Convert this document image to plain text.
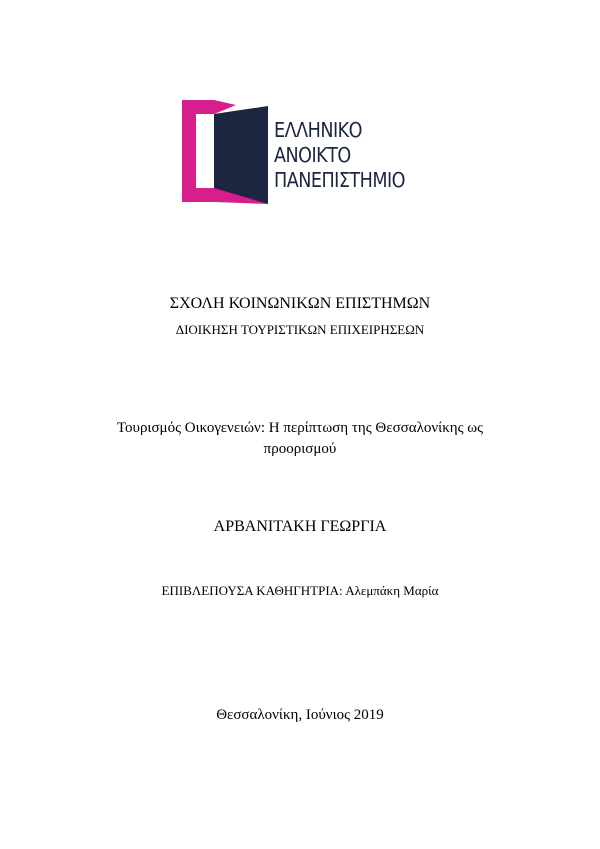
ΕΛΛΗΝΙΚΟ
ΑΝΟΙΚΤΟ
ΠΑΝΕΠΙΣΤΗΜΙΟ
ΣΧΟΛΗ ΚΟΙΝΩΝΙΚΩΝ ΕΠΙΣΤΗΜΩΝ
ΔΙΟΙΚΗΣΗ ΤΟΥΡΙΣΤΙΚΩΝ ΕΠΙΧΕΙΡΗΣΕΩΝ
Τουρισμός Οικογενειών: Η περίπτωση της Θεσσαλονίκης ως
προορισμού
ΑΡΒΑΝΙΤΑΚΗ ΓΕΩΡΓΙΑ
ΕΠΙΒΛΕΠΟΥΣΑ ΚΑΘΗΓΗΤΡΙΑ: Αλεμπάκη Μαρία
Θεσσαλονίκη, Ιούνιος 2019
